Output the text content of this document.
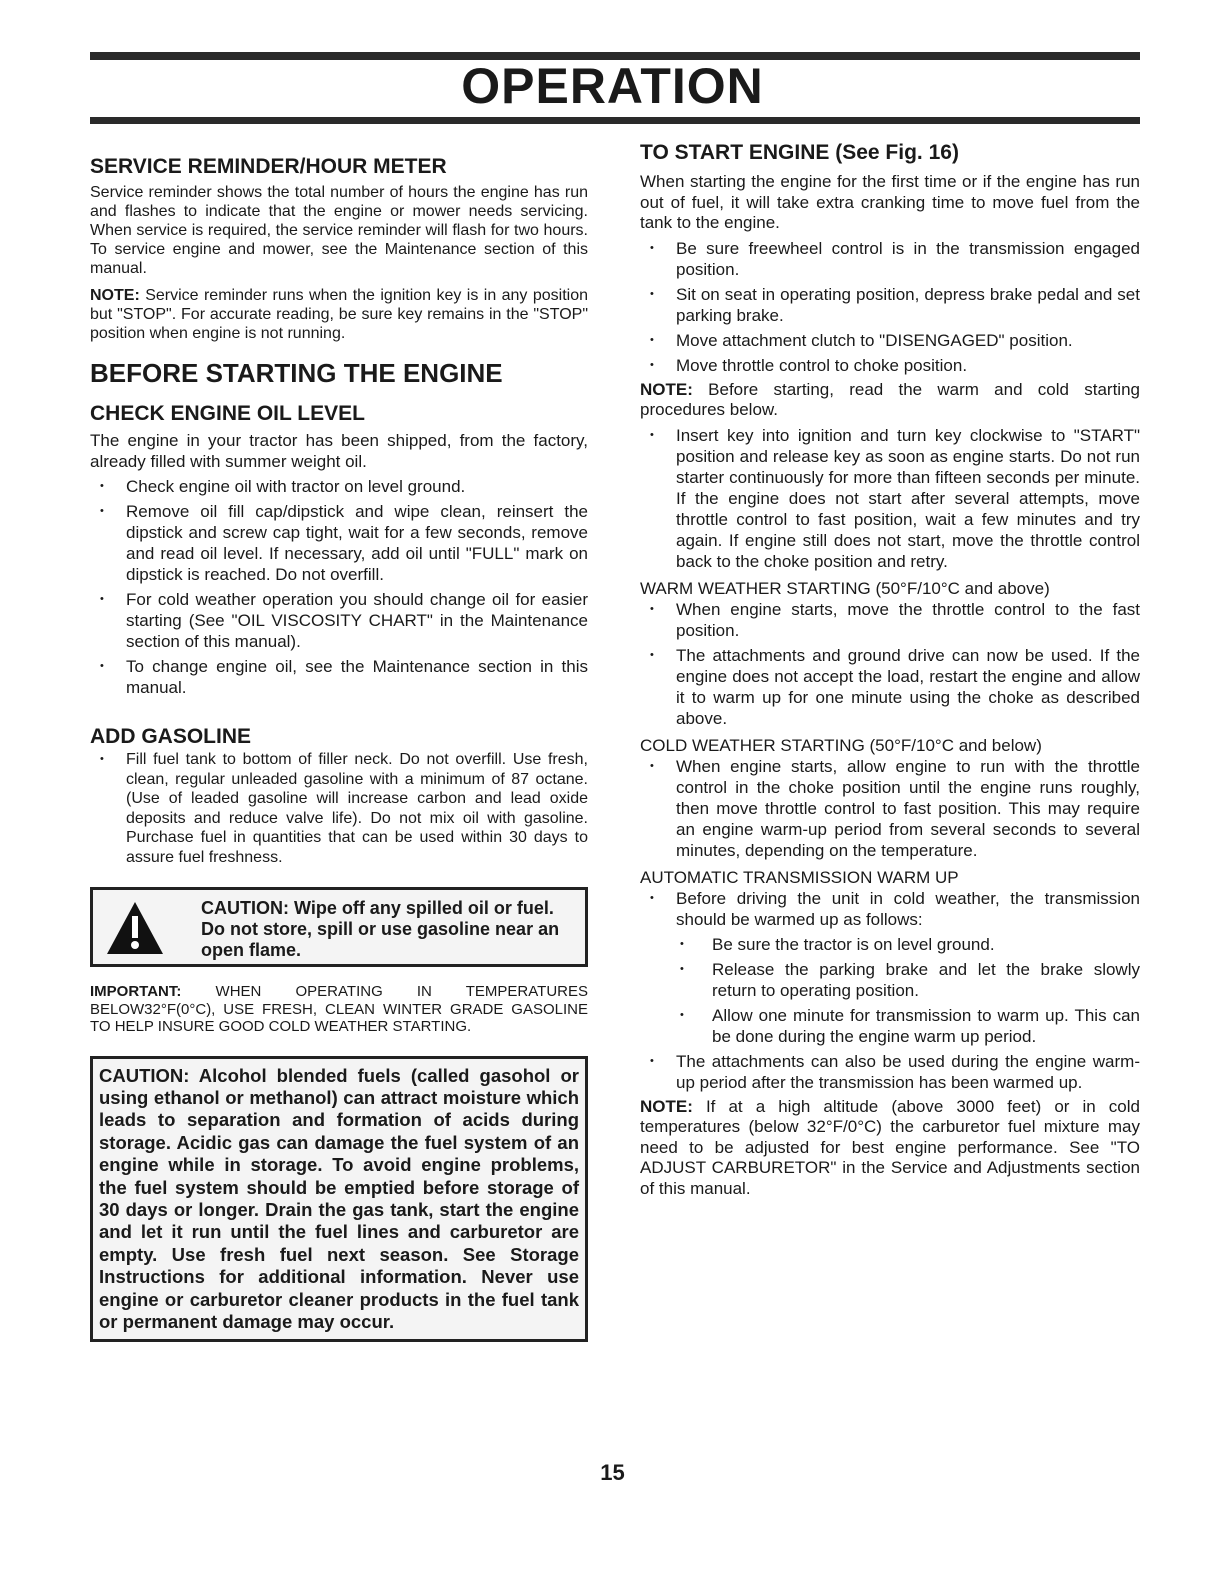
OPERATION
SERVICE REMINDER/HOUR METER

Service reminder shows the total number of hours the engine has run and flashes to indicate that the engine or mower needs servicing. When service is required, the service reminder will flash for two hours. To service engine and mower, see the Maintenance section of this manual.

NOTE: Service reminder runs when the ignition key is in any position but "STOP". For accurate reading, be sure key remains in the "STOP" position when engine is not running.

BEFORE STARTING THE ENGINE
CHECK ENGINE OIL LEVEL

The engine in your tractor has been shipped, from the factory, already filled with summer weight oil.

• Check engine oil with tractor on level ground.
• Remove oil fill cap/dipstick and wipe clean, reinsert the dipstick and screw cap tight, wait for a few seconds, remove and read oil level. If necessary, add oil until "FULL" mark on dipstick is reached. Do not overfill.
• For cold weather operation you should change oil for easier starting (See "OIL VISCOSITY CHART" in the Maintenance section of this manual).
• To change engine oil, see the Maintenance section in this manual.
ADD GASOLINE
• Fill fuel tank to bottom of filler neck. Do not overfill. Use fresh, clean, regular unleaded gasoline with a minimum of 87 octane. (Use of leaded gasoline will increase carbon and lead oxide deposits and reduce valve life). Do not mix oil with gasoline. Purchase fuel in quantities that can be used within 30 days to assure fuel freshness.
CAUTION: Wipe off any spilled oil or fuel. Do not store, spill or use gasoline near an open flame.

IMPORTANT: WHEN OPERATING IN TEMPERATURES BELOW32°F(0°C), USE FRESH, CLEAN WINTER GRADE GASOLINE TO HELP INSURE GOOD COLD WEATHER STARTING.

CAUTION: Alcohol blended fuels (called gasohol or using ethanol or methanol) can attract moisture which leads to separation and formation of acids during storage. Acidic gas can damage the fuel system of an engine while in storage. To avoid engine problems, the fuel system should be emptied before storage of 30 days or longer. Drain the gas tank, start the engine and let it run until the fuel lines and carburetor are empty. Use fresh fuel next season. See Storage Instructions for additional information. Never use engine or carburetor cleaner products in the fuel tank or permanent damage may occur.
TO START ENGINE (See Fig. 16)

When starting the engine for the first time or if the engine has run out of fuel, it will take extra cranking time to move fuel from the tank to the engine.

• Be sure freewheel control is in the transmission engaged position.
• Sit on seat in operating position, depress brake pedal and set parking brake.
• Move attachment clutch to "DISENGAGED" position.
• Move throttle control to choke position.

NOTE: Before starting, read the warm and cold starting procedures below.

• Insert key into ignition and turn key clockwise to "START" position and release key as soon as engine starts. Do not run starter continuously for more than fifteen seconds per minute. If the engine does not start after several attempts, move throttle control to fast position, wait a few minutes and try again. If engine still does not start, move the throttle control back to the choke position and retry.

WARM WEATHER STARTING (50°F/10°C and above)

• When engine starts, move the throttle control to the fast position.
• The attachments and ground drive can now be used. If the engine does not accept the load, restart the engine and allow it to warm up for one minute using the choke as described above.

COLD WEATHER STARTING (50°F/10°C and below)

• When engine starts, allow engine to run with the throttle control in the choke position until the engine runs roughly, then move throttle control to fast position. This may require an engine warm-up period from several seconds to several minutes, depending on the temperature.

AUTOMATIC TRANSMISSION WARM UP

• Before driving the unit in cold weather, the transmission should be warmed up as follows:
• Be sure the tractor is on level ground.
• Release the parking brake and let the brake slowly return to operating position.
• Allow one minute for transmission to warm up. This can be done during the engine warm up period.
• The attachments can also be used during the engine warm-up period after the transmission has been warmed up.

NOTE: If at a high altitude (above 3000 feet) or in cold temperatures (below 32°F/0°C) the carburetor fuel mixture may need to be adjusted for best engine performance. See "TO ADJUST CARBURETOR" in the Service and Adjustments section of this manual.

15
